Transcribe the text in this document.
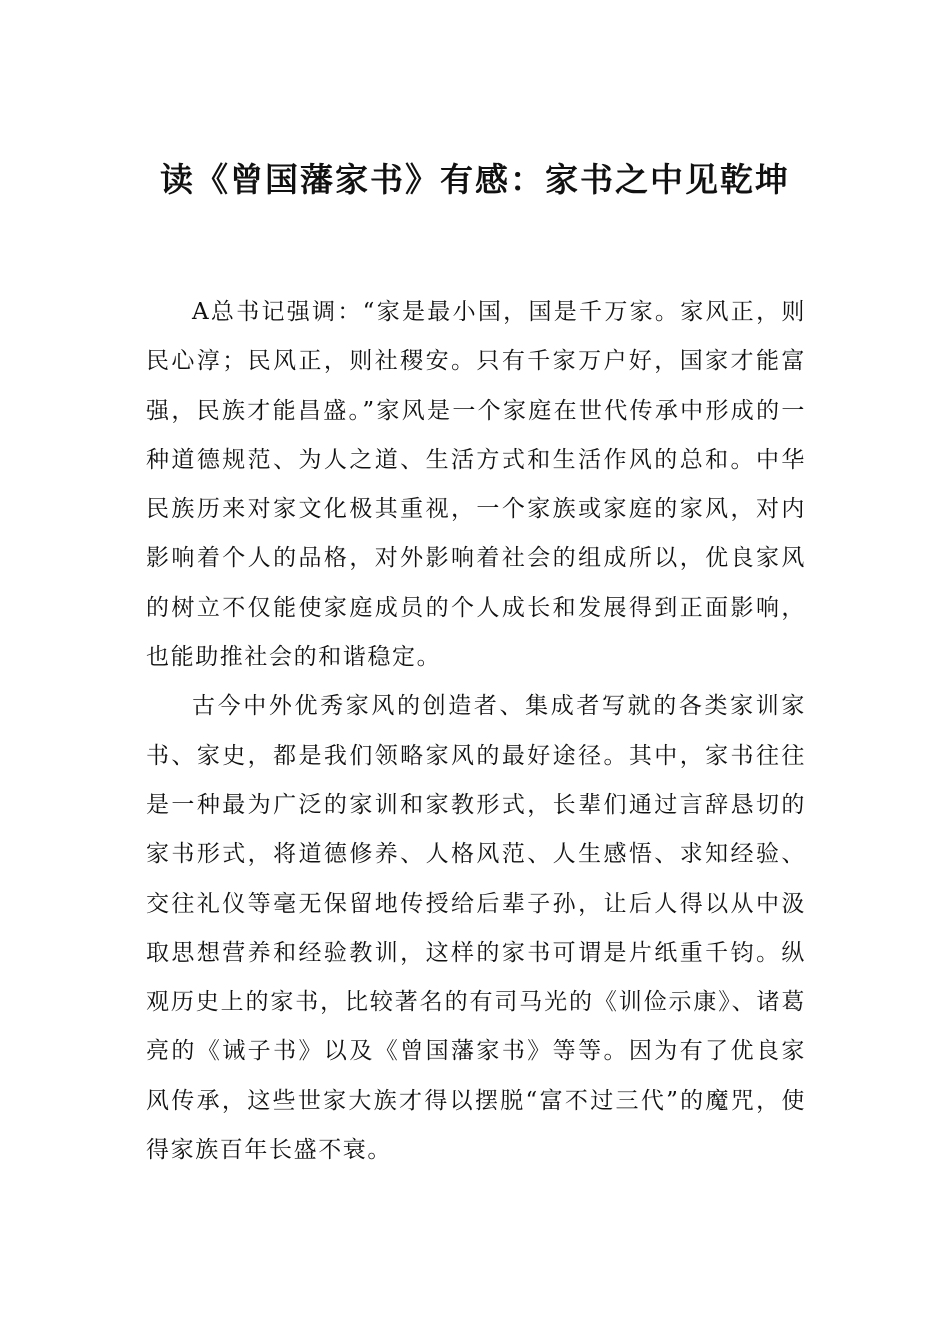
读《曾国藩家书》有感：家书之中见乾坤

A总书记强调：“家是最小国，国是千万家。家风正，则民心淳；民风正，则社稷安。只有千家万户好，国家才能富强，民族才能昌盛。”家风是一个家庭在世代传承中形成的一种道德规范、为人之道、生活方式和生活作风的总和。中华民族历来对家文化极其重视，一个家族或家庭的家风，对内影响着个人的品格，对外影响着社会的组成所以，优良家风的树立不仅能使家庭成员的个人成长和发展得到正面影响，也能助推社会的和谐稳定。

古今中外优秀家风的创造者、集成者写就的各类家训家书、家史，都是我们领略家风的最好途径。其中，家书往往是一种最为广泛的家训和家教形式，长辈们通过言辞恳切的家书形式，将道德修养、人格风范、人生感悟、求知经验、交往礼仪等毫无保留地传授给后辈子孙，让后人得以从中汲取思想营养和经验教训，这样的家书可谓是片纸重千钧。纵观历史上的家书，比较著名的有司马光的《训俭示康》、诸葛亮的《诫子书》以及《曾国藩家书》等等。因为有了优良家风传承，这些世家大族才得以摆脱“富不过三代”的魔咒，使得家族百年长盛不衰。
